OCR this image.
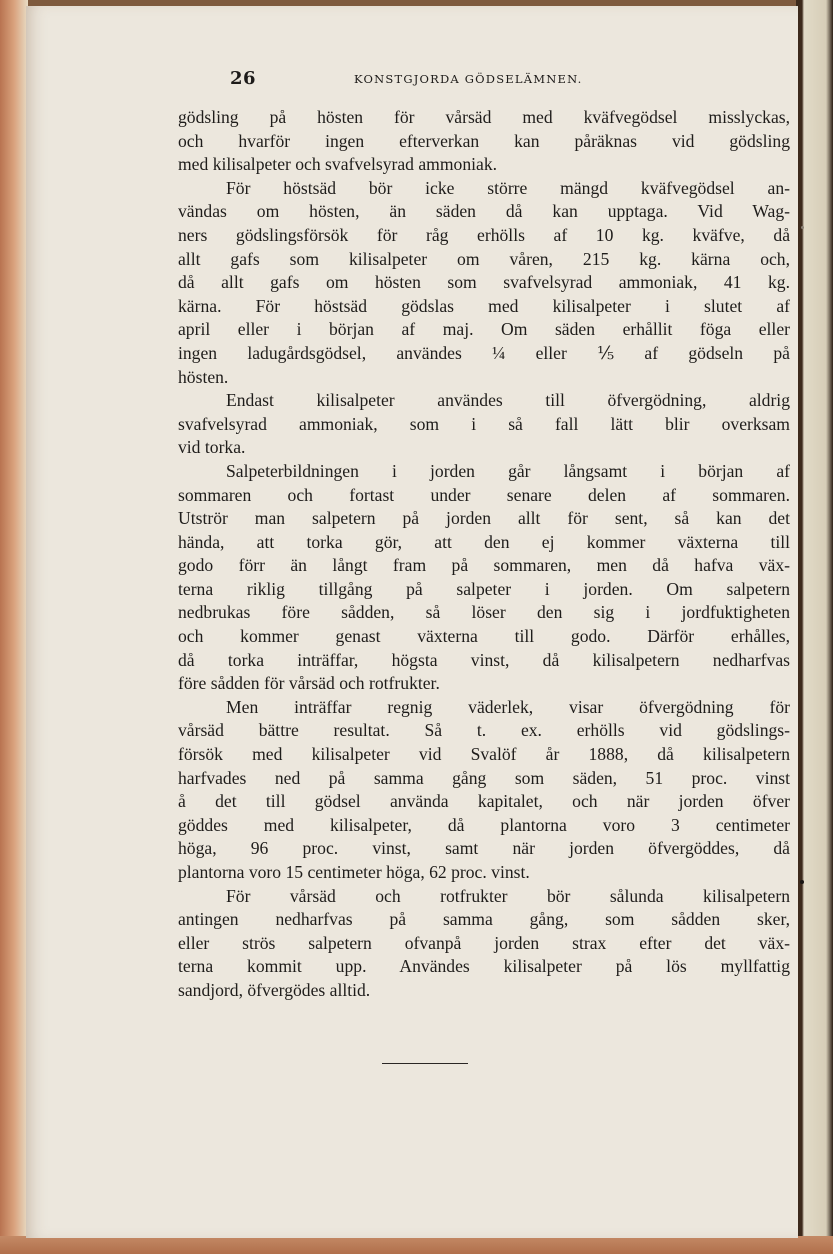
26	KONSTGJORDA GÖDSELÄMNEN.
gödsling på hösten för vårsäd med kväfvegödsel misslyckas,
och hvarför ingen efterverkan kan påräknas vid gödsling
med kilisalpeter och svafvelsyrad ammoniak.
För höstsäd bör icke större mängd kväfvegödsel an-
vändas om hösten, än säden då kan upptaga. Vid Wag-
ners gödslingsförsök för råg erhölls af 10 kg. kväfve, då
allt gafs som kilisalpeter om våren, 215 kg. kärna och,
då allt gafs om hösten som svafvelsyrad ammoniak, 41 kg.
kärna. För höstsäd gödslas med kilisalpeter i slutet af
april eller i början af maj. Om säden erhållit föga eller
ingen ladugårdsgödsel, användes ¼ eller ⅕ af gödseln på
hösten.
Endast kilisalpeter användes till öfvergödning, aldrig
svafvelsyrad ammoniak, som i så fall lätt blir overksam
vid torka.
Salpeterbildningen i jorden går långsamt i början af
sommaren och fortast under senare delen af sommaren.
Utströr man salpetern på jorden allt för sent, så kan det
hända, att torka gör, att den ej kommer växterna till
godo förr än långt fram på sommaren, men då hafva väx-
terna riklig tillgång på salpeter i jorden. Om salpetern
nedbrukas före sådden, så löser den sig i jordfuktigheten
och kommer genast växterna till godo. Därför erhålles,
då torka inträffar, högsta vinst, då kilisalpetern nedharfvas
före sådden för vårsäd och rotfrukter.
Men inträffar regnig väderlek, visar öfvergödning för
vårsäd bättre resultat. Så t. ex. erhölls vid gödslings-
försök med kilisalpeter vid Svalöf år 1888, då kilisalpetern
harfvades ned på samma gång som säden, 51 proc. vinst
å det till gödsel använda kapitalet, och när jorden öfver
göddes med kilisalpeter, då plantorna voro 3 centimeter
höga, 96 proc. vinst, samt när jorden öfvergöddes, då
plantorna voro 15 centimeter höga, 62 proc. vinst.
För vårsäd och rotfrukter bör sålunda kilisalpetern
antingen nedharfvas på samma gång, som sådden sker,
eller strös salpetern ofvanpå jorden strax efter det väx-
terna kommit upp. Användes kilisalpeter på lös myllfattig
sandjord, öfvergödes alltid.
